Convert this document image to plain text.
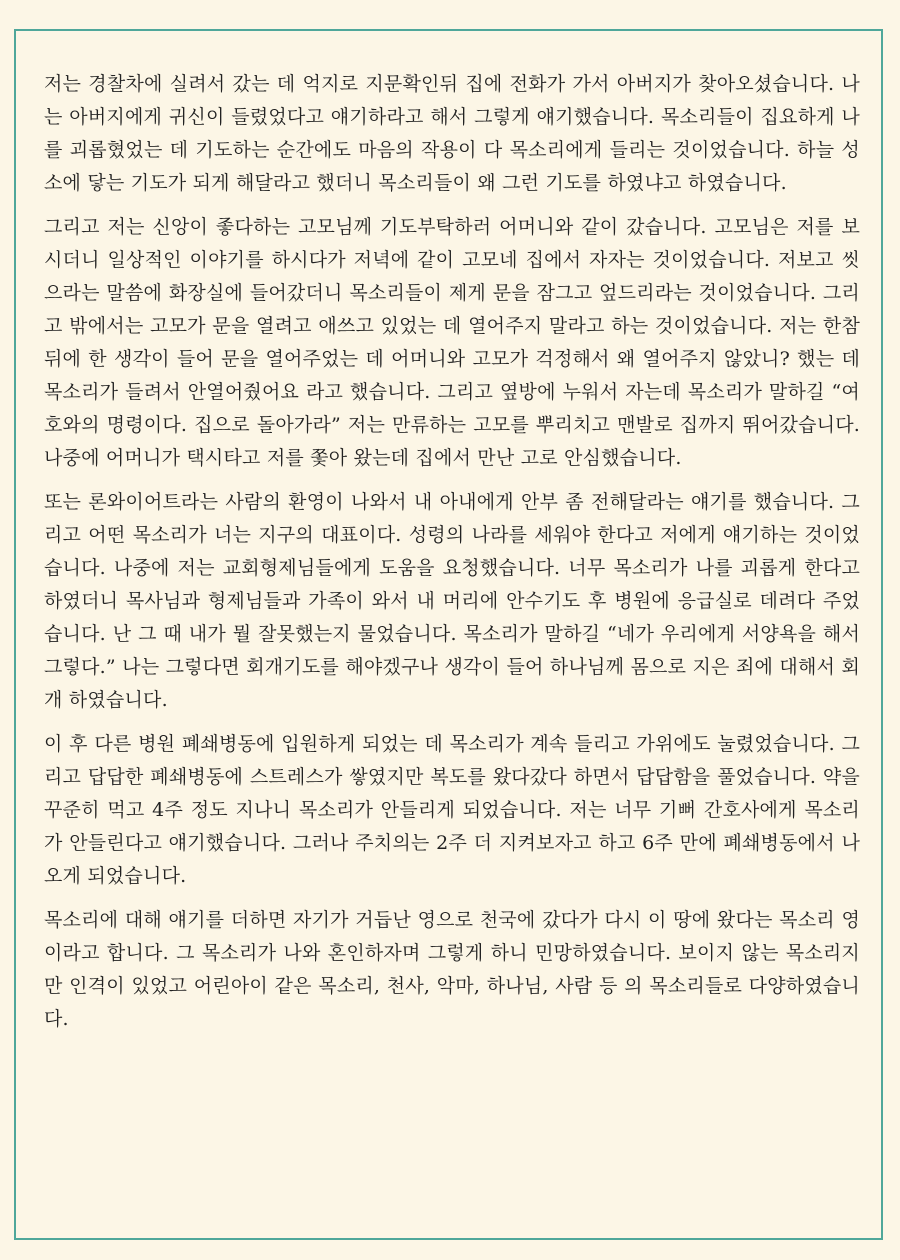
저는 경찰차에 실려서 갔는 데 억지로 지문확인뒤 집에 전화가 가서 아버지가 찾아오셨습니다. 나는 아버지에게 귀신이 들렸었다고 얘기하라고 해서 그렇게 얘기했습니다. 목소리들이 집요하게 나를 괴롭혔었는 데 기도하는 순간에도 마음의 작용이 다 목소리에게 들리는 것이었습니다. 하늘 성소에 닿는 기도가 되게 해달라고 했더니 목소리들이 왜 그런 기도를 하였냐고 하였습니다.

그리고 저는 신앙이 좋다하는 고모님께 기도부탁하러 어머니와 같이 갔습니다. 고모님은 저를 보시더니 일상적인 이야기를 하시다가 저녁에 같이 고모네 집에서 자자는 것이었습니다. 저보고 씻으라는 말씀에 화장실에 들어갔더니 목소리들이 제게 문을 잠그고 엎드리라는 것이었습니다. 그리고 밖에서는 고모가 문을 열려고 애쓰고 있었는 데 열어주지 말라고 하는 것이었습니다. 저는 한참 뒤에 한 생각이 들어 문을 열어주었는 데 어머니와 고모가 걱정해서 왜 열어주지 않았니? 했는 데 목소리가 들려서 안열어줬어요 라고 했습니다. 그리고 옆방에 누워서 자는데 목소리가 말하길 “여호와의 명령이다. 집으로 돌아가라” 저는 만류하는 고모를 뿌리치고 맨발로 집까지 뛰어갔습니다. 나중에 어머니가 택시타고 저를 쫓아 왔는데 집에서 만난 고로 안심했습니다.

또는 론와이어트라는 사람의 환영이 나와서 내 아내에게 안부 좀 전해달라는 얘기를 했습니다. 그리고 어떤 목소리가 너는 지구의 대표이다. 성령의 나라를 세워야 한다고 저에게 얘기하는 것이었습니다. 나중에 저는 교회형제님들에게 도움을 요청했습니다. 너무 목소리가 나를 괴롭게 한다고 하였더니 목사님과 형제님들과 가족이 와서 내 머리에 안수기도 후 병원에 응급실로 데려다 주었습니다. 난 그 때 내가 뭘 잘못했는지 물었습니다. 목소리가 말하길 “네가 우리에게 서양욕을 해서 그렇다.” 나는 그렇다면 회개기도를 해야겠구나 생각이 들어 하나님께 몸으로 지은 죄에 대해서 회개 하였습니다.

이 후 다른 병원 폐쇄병동에 입원하게 되었는 데 목소리가 계속 들리고 가위에도 눌렸었습니다. 그리고 답답한 폐쇄병동에 스트레스가 쌓였지만 복도를 왔다갔다 하면서 답답함을 풀었습니다. 약을 꾸준히 먹고 4주 정도 지나니 목소리가 안들리게 되었습니다. 저는 너무 기뻐 간호사에게 목소리가 안들린다고 얘기했습니다. 그러나 주치의는 2주 더 지켜보자고 하고 6주 만에 폐쇄병동에서 나오게 되었습니다.

목소리에 대해 얘기를 더하면 자기가 거듭난 영으로 천국에 갔다가 다시 이 땅에 왔다는 목소리 영이라고 합니다. 그 목소리가 나와 혼인하자며 그렇게 하니 민망하였습니다. 보이지 않는 목소리지만 인격이 있었고 어린아이 같은 목소리, 천사, 악마, 하나님, 사람 등 의 목소리들로 다양하였습니다.
